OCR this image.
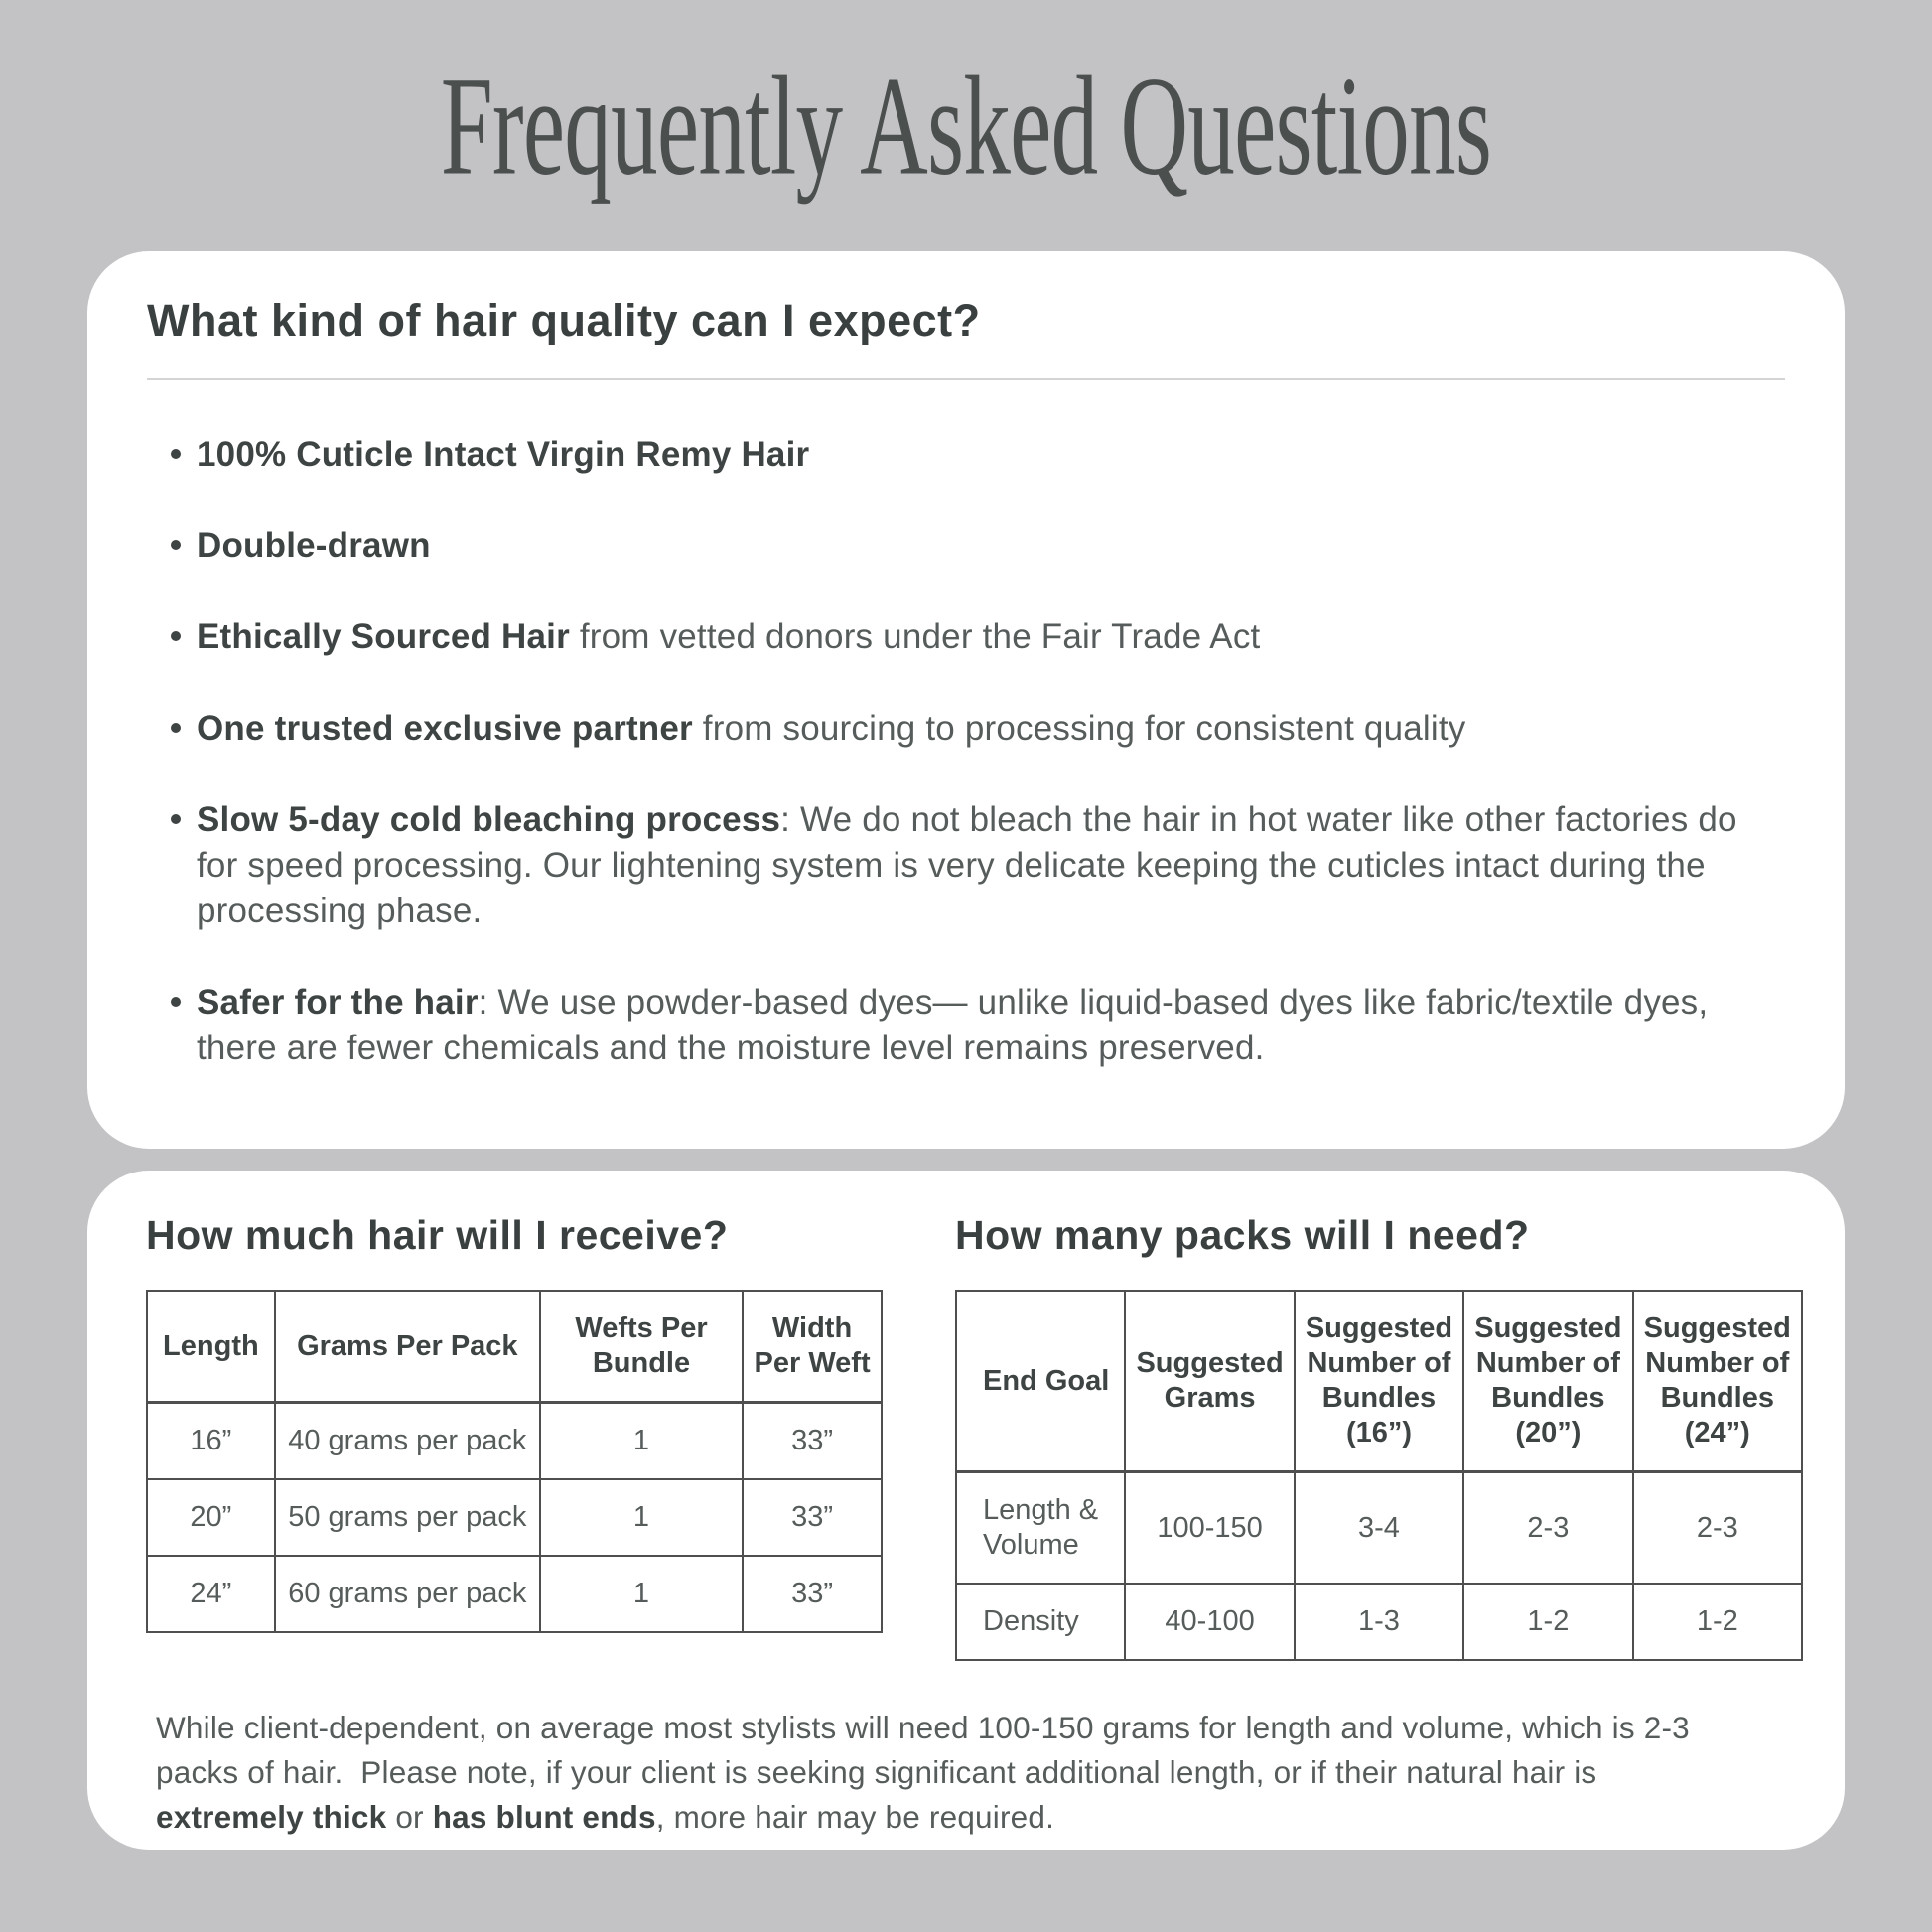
Frequently Asked Questions
What kind of hair quality can I expect?
100% Cuticle Intact Virgin Remy Hair
Double-drawn
Ethically Sourced Hair from vetted donors under the Fair Trade Act
One trusted exclusive partner from sourcing to processing for consistent quality
Slow 5-day cold bleaching process: We do not bleach the hair in hot water like other factories do for speed processing. Our lightening system is very delicate keeping the cuticles intact during the processing phase.
Safer for the hair: We use powder-based dyes— unlike liquid-based dyes like fabric/textile dyes, there are fewer chemicals and the moisture level remains preserved.
How much hair will I receive?
Length	Grams Per Pack	Wefts Per Bundle	Width Per Weft
16”	40 grams per pack	1	33”
20”	50 grams per pack	1	33”
24”	60 grams per pack	1	33”
How many packs will I need?
End Goal	Suggested Grams	Suggested Number of Bundles (16”)	Suggested Number of Bundles (20”)	Suggested Number of Bundles (24”)
Length & Volume	100-150	3-4	2-3	2-3
Density	40-100	1-3	1-2	1-2

While client-dependent, on average most stylists will need 100-150 grams for length and volume, which is 2-3 packs of hair.  Please note, if your client is seeking significant additional length, or if their natural hair is extremely thick or has blunt ends, more hair may be required.
